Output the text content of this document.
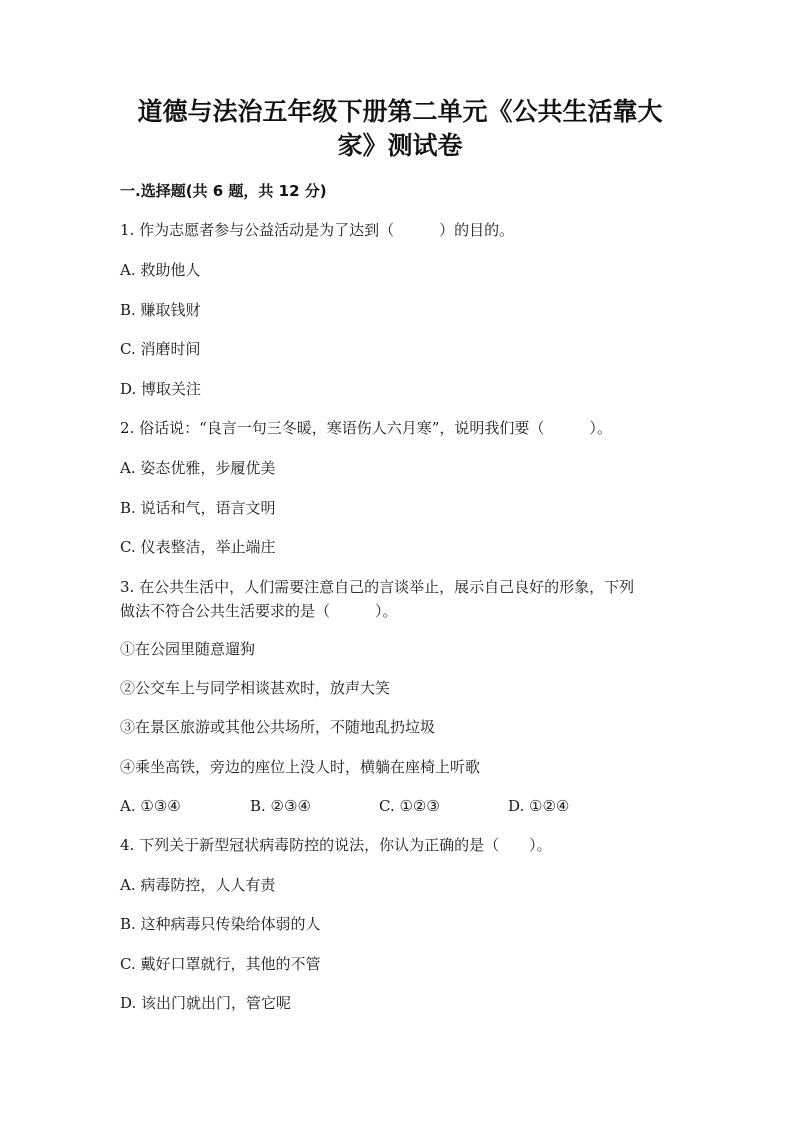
道德与法治五年级下册第二单元《公共生活靠大
家》测试卷
一.选择题(共 6 题，共 12 分)
1. 作为志愿者参与公益活动是为了达到（　　　）的目的。
A. 救助他人
B. 赚取钱财
C. 消磨时间
D. 博取关注
2. 俗话说：“良言一句三冬暖，寒语伤人六月寒”，说明我们要（　　　）。
A. 姿态优雅，步履优美
B. 说话和气，语言文明
C. 仪表整洁，举止端庄
3. 在公共生活中，人们需要注意自己的言谈举止，展示自己良好的形象，下列
做法不符合公共生活要求的是（　　　）。
①在公园里随意遛狗
②公交车上与同学相谈甚欢时，放声大笑
③在景区旅游或其他公共场所，不随地乱扔垃圾
④乘坐高铁，旁边的座位上没人时，横躺在座椅上听歌
A. ①③④	B. ②③④	C. ①②③	D. ①②④
4. 下列关于新型冠状病毒防控的说法，你认为正确的是（　　）。
A. 病毒防控，人人有责
B. 这种病毒只传染给体弱的人
C. 戴好口罩就行，其他的不管
D. 该出门就出门，管它呢
